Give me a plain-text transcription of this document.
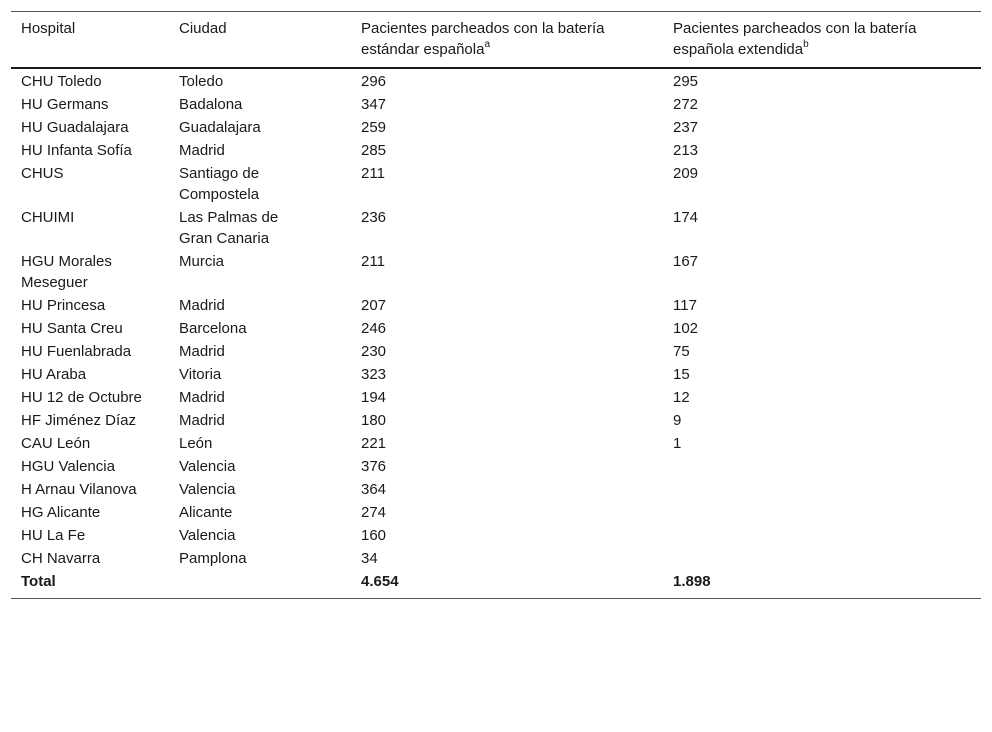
Hospital	Ciudad	Pacientes parcheados con la batería estándar española$^a$	Pacientes parcheados con la batería española extendida$^b$
CHU Toledo	Toledo	296	295
HU Germans	Badalona	347	272
HU Guadalajara	Guadalajara	259	237
HU Infanta Sofía	Madrid	285	213
CHUS	Santiago de Compostela	211	209
CHUIMI	Las Palmas de Gran Canaria	236	174
HGU Morales Meseguer	Murcia	211	167
HU Princesa	Madrid	207	117
HU Santa Creu	Barcelona	246	102
HU Fuenlabrada	Madrid	230	75
HU Araba	Vitoria	323	15
HU 12 de Octubre	Madrid	194	12
HF Jiménez Díaz	Madrid	180	9
CAU León	León	221	1
HGU Valencia	Valencia	376	
H Arnau Vilanova	Valencia	364	
HG Alicante	Alicante	274	
HU La Fe	Valencia	160	
CH Navarra	Pamplona	34	
Total		4.654	1.898
